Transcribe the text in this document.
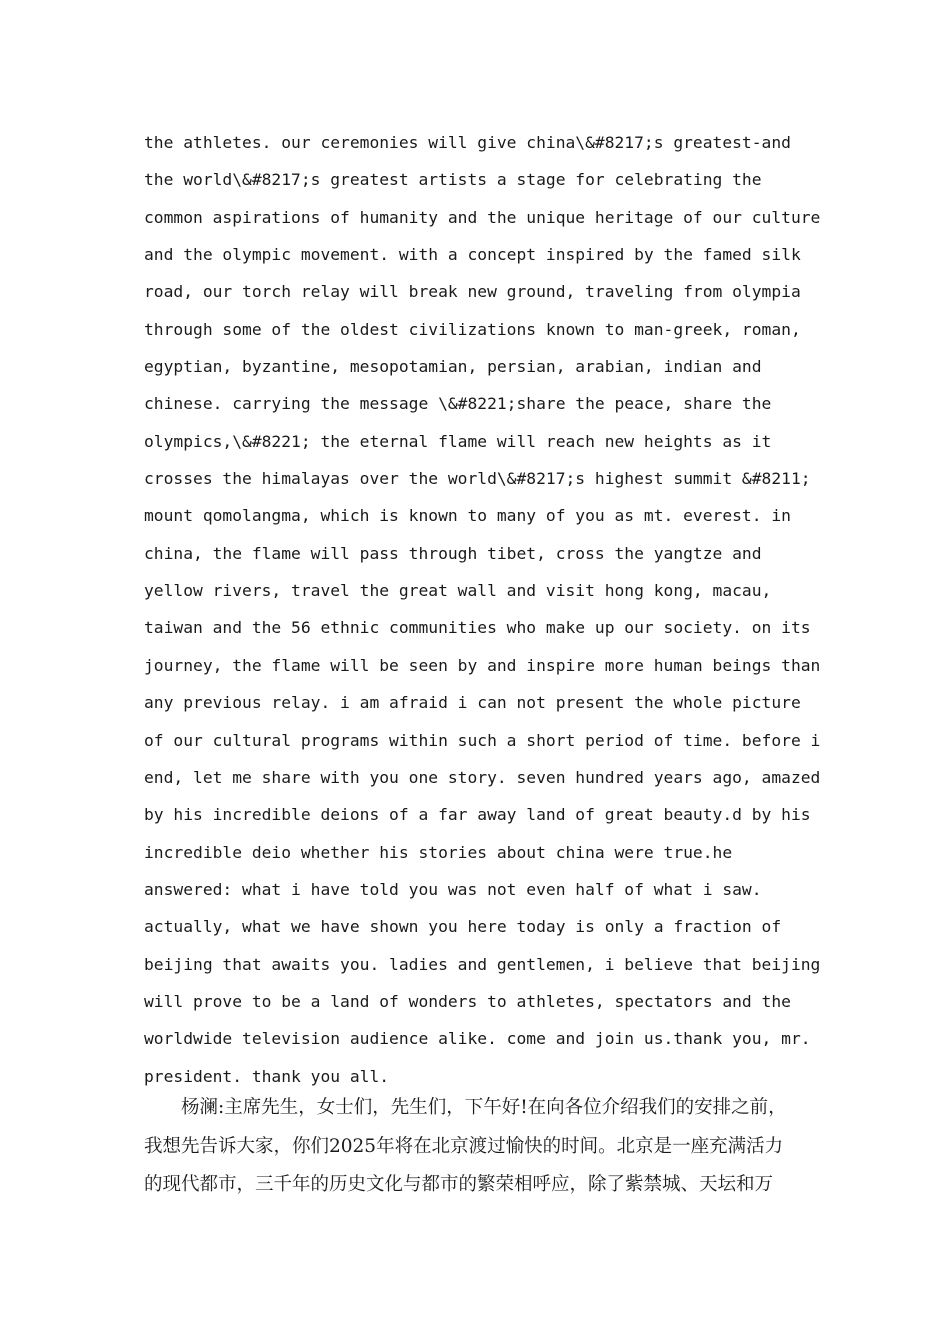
the athletes. our ceremonies will give china\&#8217;s greatest-and
the world\&#8217;s greatest artists a stage for celebrating the
common aspirations of humanity and the unique heritage of our culture
and the olympic movement. with a concept inspired by the famed silk
road, our torch relay will break new ground, traveling from olympia
through some of the oldest civilizations known to man-greek, roman,
egyptian, byzantine, mesopotamian, persian, arabian, indian and
chinese. carrying the message \&#8221;share the peace, share the
olympics,\&#8221; the eternal flame will reach new heights as it
crosses the himalayas over the world\&#8217;s highest summit &#8211;
mount qomolangma, which is known to many of you as mt. everest. in
china, the flame will pass through tibet, cross the yangtze and
yellow rivers, travel the great wall and visit hong kong, macau,
taiwan and the 56 ethnic communities who make up our society. on its
journey, the flame will be seen by and inspire more human beings than
any previous relay. i am afraid i can not present the whole picture
of our cultural programs within such a short period of time. before i
end, let me share with you one story. seven hundred years ago, amazed
by his incredible deions of a far away land of great beauty.d by his
incredible deio whether his stories about china were true.he
answered: what i have told you was not even half of what i saw.
actually, what we have shown you here today is only a fraction of
beijing that awaits you. ladies and gentlemen, i believe that beijing
will prove to be a land of wonders to athletes, spectators and the
worldwide television audience alike. come and join us.thank you, mr.
president. thank you all.
　　杨澜:主席先生，女士们，先生们，下午好!在向各位介绍我们的安排之前，
我想先告诉大家，你们2025年将在北京渡过愉快的时间。北京是一座充满活力
的现代都市，三千年的历史文化与都市的繁荣相呼应，除了紫禁城、天坛和万
